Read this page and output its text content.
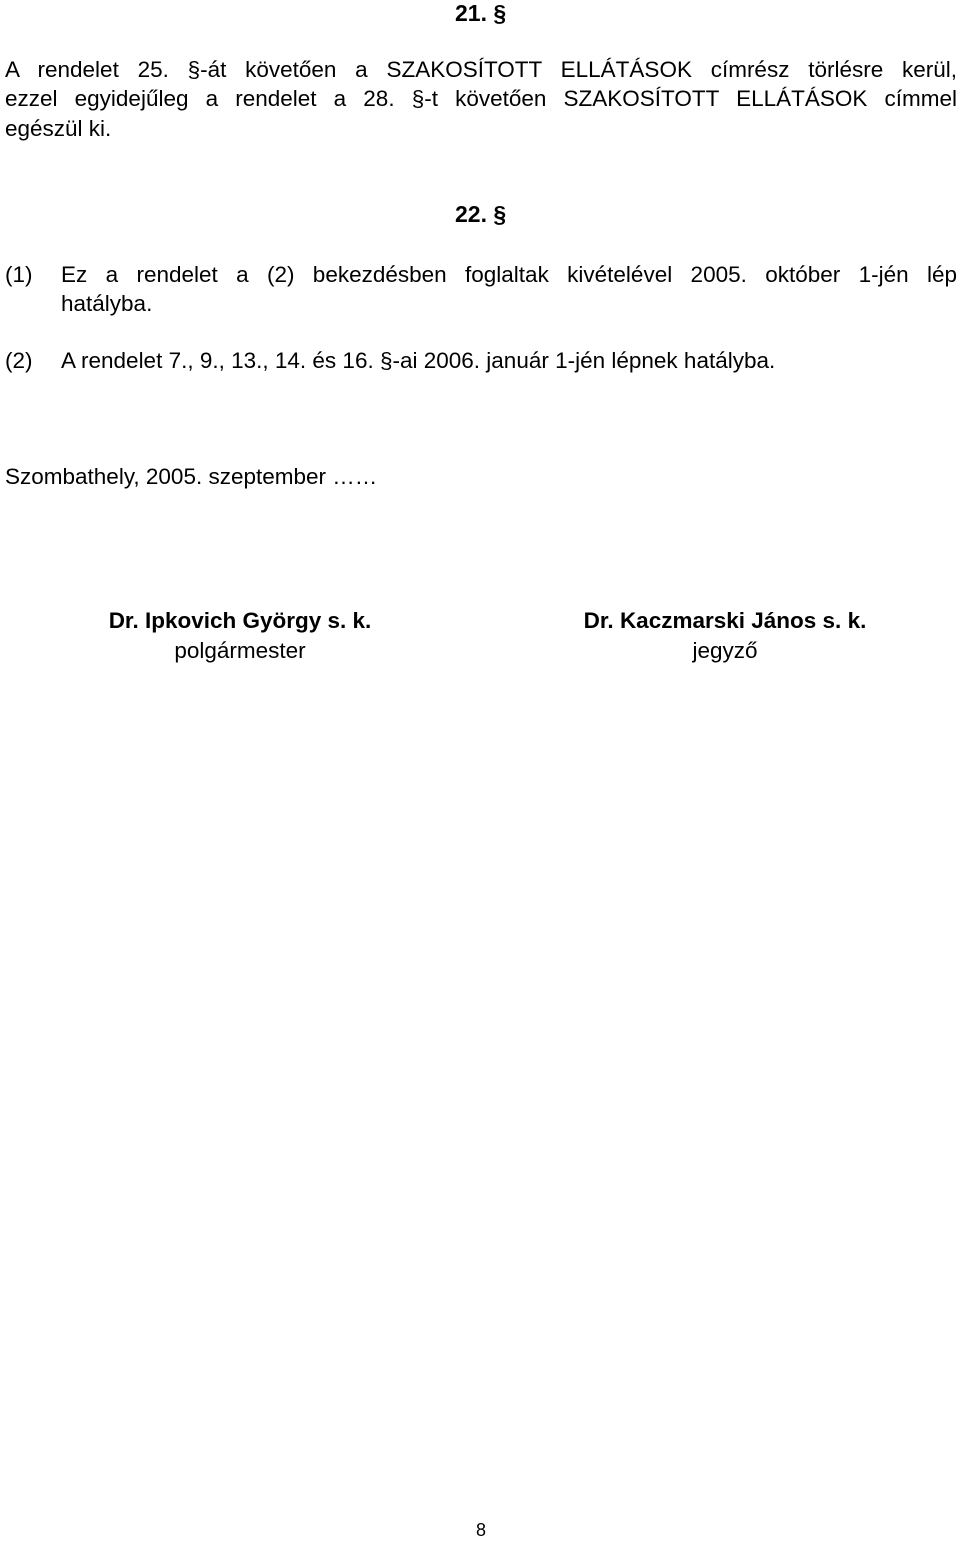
21. §
A rendelet 25. §-át követően a SZAKOSÍTOTT ELLÁTÁSOK címrész törlésre kerül,
ezzel egyidejűleg a rendelet a 28. §-t követően SZAKOSÍTOTT ELLÁTÁSOK címmel
egészül ki.
22. §
(1) Ez a rendelet a (2) bekezdésben foglaltak kivételével 2005. október 1-jén lép
hatályba.
(2) A rendelet 7., 9., 13., 14. és 16. §-ai 2006. január 1-jén lépnek hatályba.
Szombathely, 2005. szeptember ……
Dr. Ipkovich György s. k.
polgármester
Dr. Kaczmarski János s. k.
jegyző
8
